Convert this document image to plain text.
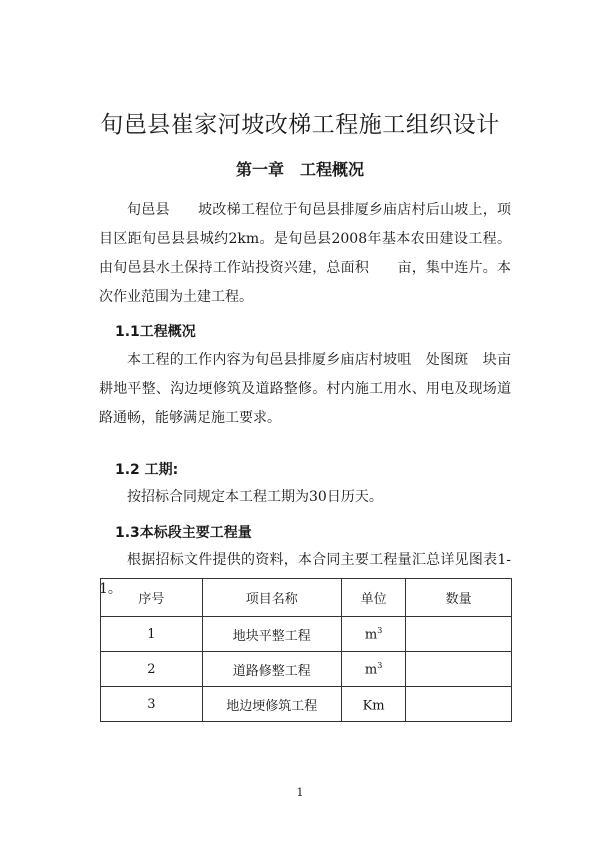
旬邑县崔家河坡改梯工程施工组织设计
第一章　工程概况
旬邑县　　坡改梯工程位于旬邑县排厦乡庙店村后山坡上，项目区距旬邑县县城约2km。是旬邑县2008年基本农田建设工程。由旬邑县水土保持工作站投资兴建，总面积　　亩，集中连片。本次作业范围为土建工程。
1.1工程概况
本工程的工作内容为旬邑县排厦乡庙店村坡咀　处图斑　块亩耕地平整、沟边埂修筑及道路整修。村内施工用水、用电及现场道路通畅，能够满足施工要求。
1.2 工期:
按招标合同规定本工程工期为30日历天。
1.3本标段主要工程量
根据招标文件提供的资料，本合同主要工程量汇总详见图表1-1。
序号	项目名称	单位	数量
1	地块平整工程	$m^3$	
2	道路修整工程	$m^3$	
3	地边埂修筑工程	Km	
1
